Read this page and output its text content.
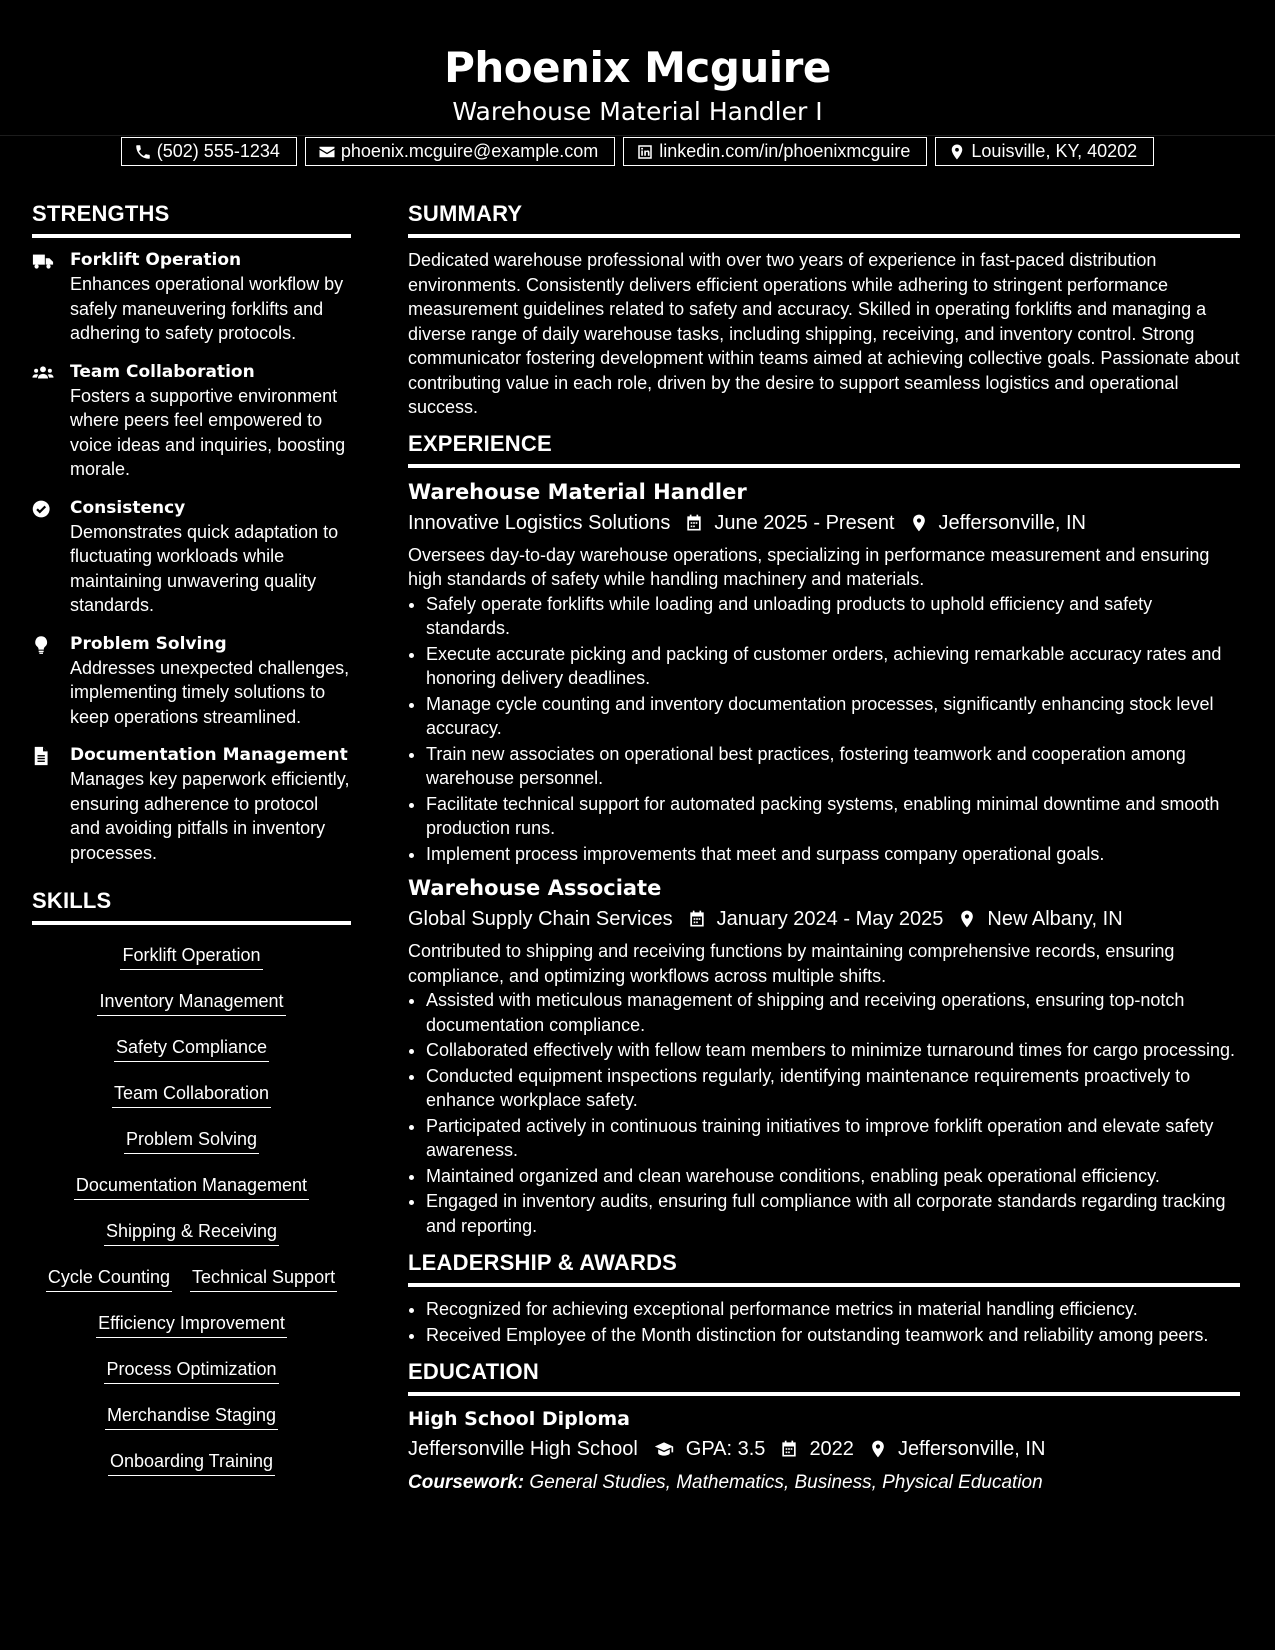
Phoenix Mcguire
Warehouse Material Handler I
(502) 555-1234	phoenix.mcguire@example.com	linkedin.com/in/phoenixmcguire	Louisville, KY, 40202
STRENGTHS
Forklift Operation
Enhances operational workflow by safely maneuvering forklifts and adhering to safety protocols.
Team Collaboration
Fosters a supportive environment where peers feel empowered to voice ideas and inquiries, boosting morale.
Consistency
Demonstrates quick adaptation to fluctuating workloads while maintaining unwavering quality standards.
Problem Solving
Addresses unexpected challenges, implementing timely solutions to keep operations streamlined.
Documentation Management
Manages key paperwork efficiently, ensuring adherence to protocol and avoiding pitfalls in inventory processes.
SKILLS
Forklift Operation
Inventory Management
Safety Compliance
Team Collaboration
Problem Solving
Documentation Management
Shipping & Receiving
Cycle Counting Technical Support
Efficiency Improvement
Process Optimization
Merchandise Staging
Onboarding Training
SUMMARY
Dedicated warehouse professional with over two years of experience in fast-paced distribution environments. Consistently delivers efficient operations while adhering to stringent performance measurement guidelines related to safety and accuracy. Skilled in operating forklifts and managing a diverse range of daily warehouse tasks, including shipping, receiving, and inventory control. Strong communicator fostering development within teams aimed at achieving collective goals. Passionate about contributing value in each role, driven by the desire to support seamless logistics and operational success.
EXPERIENCE
Warehouse Material Handler
Innovative Logistics Solutions June 2025 - Present Jeffersonville, IN
Oversees day-to-day warehouse operations, specializing in performance measurement and ensuring high standards of safety while handling machinery and materials.
• Safely operate forklifts while loading and unloading products to uphold efficiency and safety standards.
• Execute accurate picking and packing of customer orders, achieving remarkable accuracy rates and honoring delivery deadlines.
• Manage cycle counting and inventory documentation processes, significantly enhancing stock level accuracy.
• Train new associates on operational best practices, fostering teamwork and cooperation among warehouse personnel.
• Facilitate technical support for automated packing systems, enabling minimal downtime and smooth production runs.
• Implement process improvements that meet and surpass company operational goals.
Warehouse Associate
Global Supply Chain Services January 2024 - May 2025 New Albany, IN
Contributed to shipping and receiving functions by maintaining comprehensive records, ensuring compliance, and optimizing workflows across multiple shifts.
• Assisted with meticulous management of shipping and receiving operations, ensuring top-notch documentation compliance.
• Collaborated effectively with fellow team members to minimize turnaround times for cargo processing.
• Conducted equipment inspections regularly, identifying maintenance requirements proactively to enhance workplace safety.
• Participated actively in continuous training initiatives to improve forklift operation and elevate safety awareness.
• Maintained organized and clean warehouse conditions, enabling peak operational efficiency.
• Engaged in inventory audits, ensuring full compliance with all corporate standards regarding tracking and reporting.
LEADERSHIP & AWARDS
• Recognized for achieving exceptional performance metrics in material handling efficiency.
• Received Employee of the Month distinction for outstanding teamwork and reliability among peers.
EDUCATION
High School Diploma
Jeffersonville High School GPA: 3.5 2022 Jeffersonville, IN
Coursework: General Studies, Mathematics, Business, Physical Education
